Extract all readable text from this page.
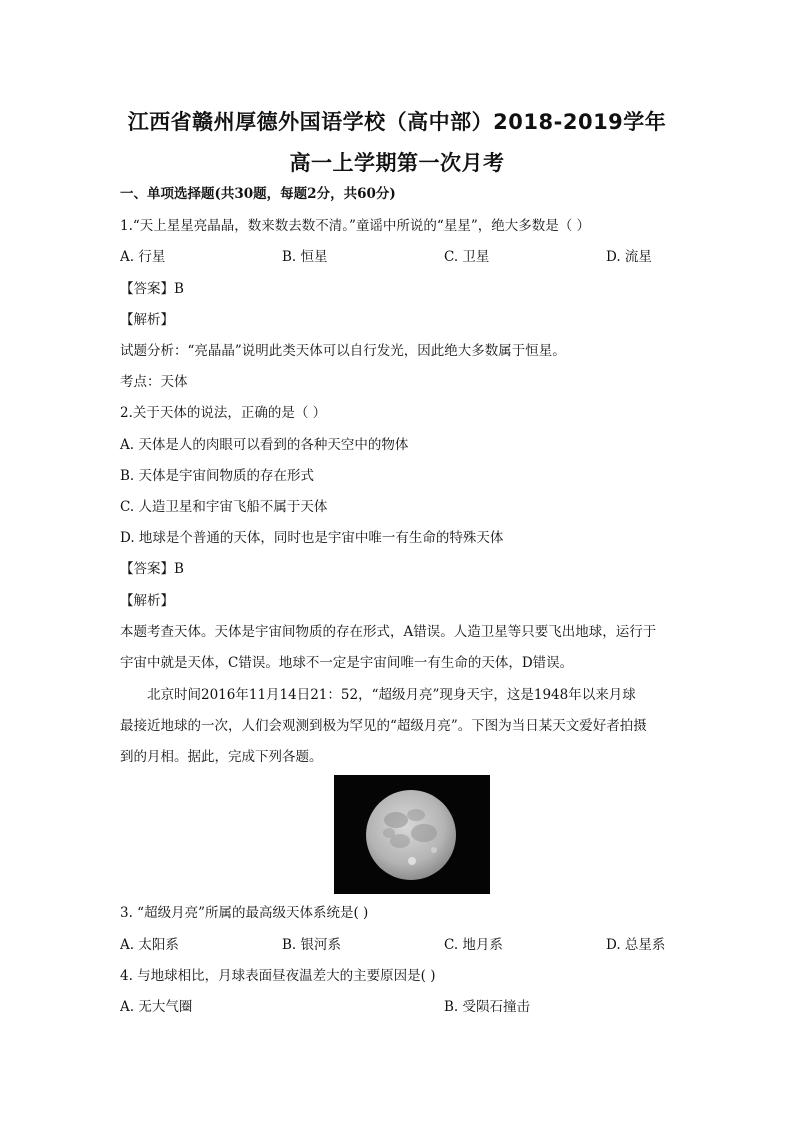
江西省赣州厚德外国语学校（高中部）2018-2019学年
高一上学期第一次月考
一、单项选择题(共30题，每题2分，共60分)
1.“天上星星亮晶晶，数来数去数不清。”童谣中所说的“星星”，绝大多数是（ ）
A. 行星	B. 恒星	C. 卫星	D. 流星
【答案】B
【解析】
试题分析：“亮晶晶”说明此类天体可以自行发光，因此绝大多数属于恒星。
考点：天体
2.关于天体的说法，正确的是（ ）
A. 天体是人的肉眼可以看到的各种天空中的物体
B. 天体是宇宙间物质的存在形式
C. 人造卫星和宇宙飞船不属于天体
D. 地球是个普通的天体，同时也是宇宙中唯一有生命的特殊天体
【答案】B
【解析】
本题考查天体。天体是宇宙间物质的存在形式，A错误。人造卫星等只要飞出地球，运行于
宇宙中就是天体，C错误。地球不一定是宇宙间唯一有生命的天体，D错误。
北京时间2016年11月14日21：52，“超级月亮”现身天宇，这是1948年以来月球
最接近地球的一次，人们会观测到极为罕见的“超级月亮”。下图为当日某天文爱好者拍摄
到的月相。据此，完成下列各题。
3. “超级月亮”所属的最高级天体系统是( )
A. 太阳系	B. 银河系	C. 地月系	D. 总星系
4. 与地球相比，月球表面昼夜温差大的主要原因是( )
A. 无大气圈	B. 受陨石撞击
